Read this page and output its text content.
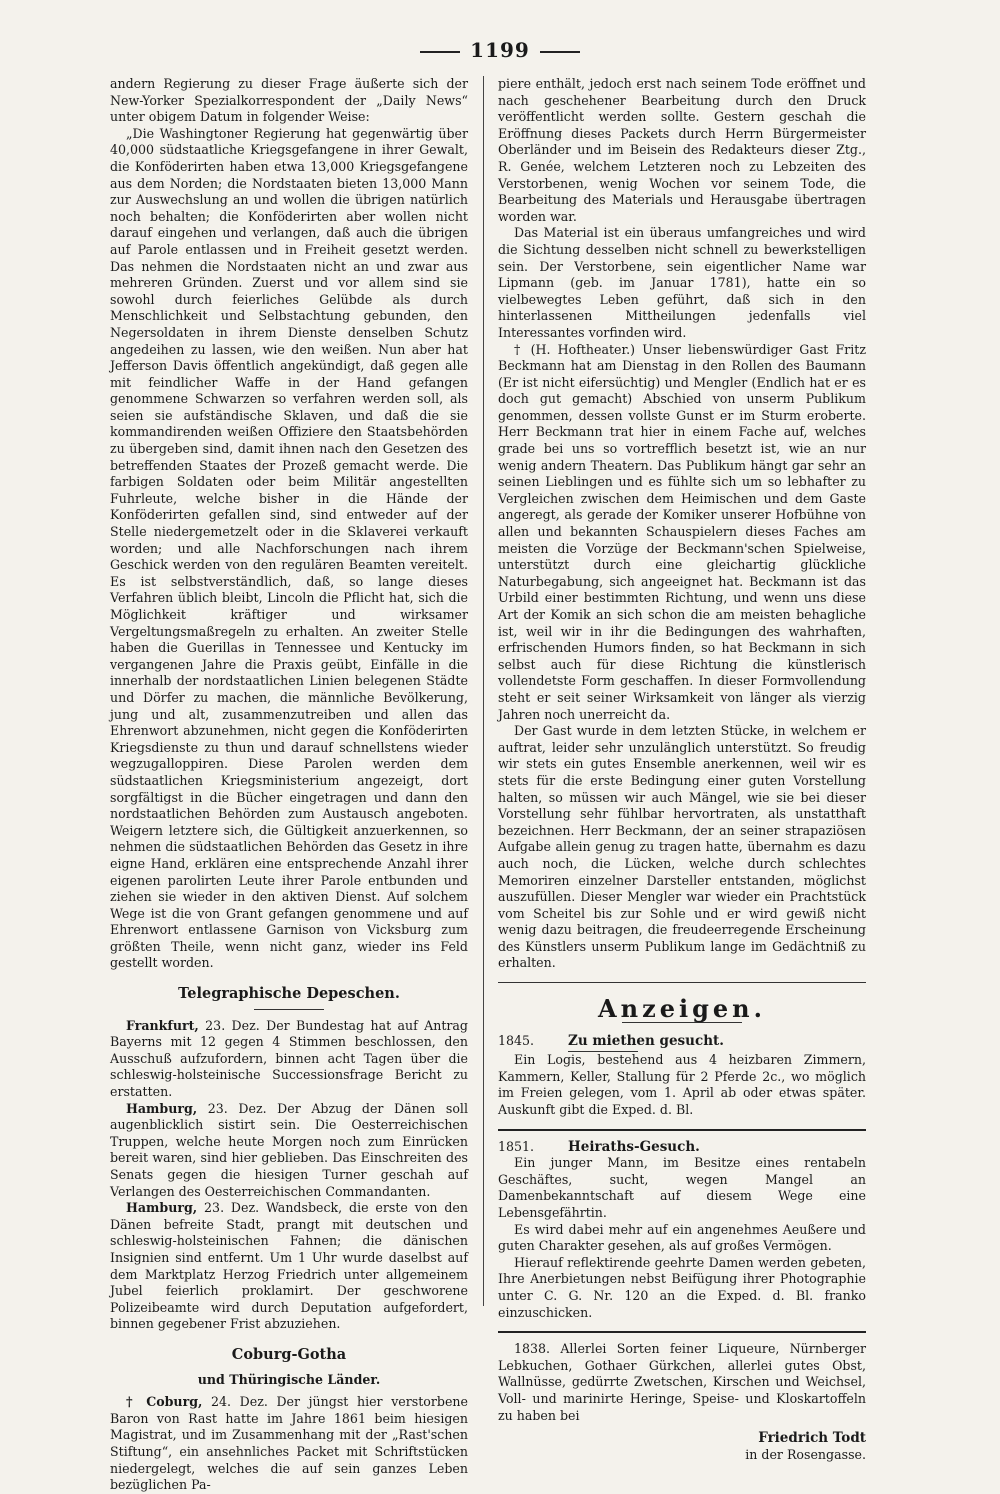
1199

andern Regierung zu dieser Frage äußerte sich der New-Yorker Spezialkorrespondent der „Daily News“ unter obigem Datum in folgender Weise:

„Die Washingtoner Regierung hat gegenwärtig über 40,000 südstaatliche Kriegsgefangene in ihrer Gewalt, die Konföderirten haben etwa 13,000 Kriegsgefangene aus dem Norden; die Nordstaaten bieten 13,000 Mann zur Auswechslung an und wollen die übrigen natürlich noch behalten; die Konföderirten aber wollen nicht darauf eingehen und verlangen, daß auch die übrigen auf Parole entlassen und in Freiheit gesetzt werden. Das nehmen die Nordstaaten nicht an und zwar aus mehreren Gründen. Zuerst und vor allem sind sie sowohl durch feierliches Gelübde als durch Menschlichkeit und Selbstachtung gebunden, den Negersoldaten in ihrem Dienste denselben Schutz angedeihen zu lassen, wie den weißen. Nun aber hat Jefferson Davis öffentlich angekündigt, daß gegen alle mit feindlicher Waffe in der Hand gefangen genommene Schwarzen so verfahren werden soll, als seien sie aufständische Sklaven, und daß die sie kommandirenden weißen Offiziere den Staatsbehörden zu übergeben sind, damit ihnen nach den Gesetzen des betreffenden Staates der Prozeß gemacht werde. Die farbigen Soldaten oder beim Militär angestellten Fuhrleute, welche bisher in die Hände der Konföderirten gefallen sind, sind entweder auf der Stelle niedergemetzelt oder in die Sklaverei verkauft worden; und alle Nachforschungen nach ihrem Geschick werden von den regulären Beamten vereitelt. Es ist selbstverständlich, daß, so lange dieses Verfahren üblich bleibt, Lincoln die Pflicht hat, sich die Möglichkeit kräftiger und wirksamer Vergeltungsmaßregeln zu erhalten. An zweiter Stelle haben die Guerillas in Tennessee und Kentucky im vergangenen Jahre die Praxis geübt, Einfälle in die innerhalb der nordstaatlichen Linien belegenen Städte und Dörfer zu machen, die männliche Bevölkerung, jung und alt, zusammenzutreiben und allen das Ehrenwort abzunehmen, nicht gegen die Konföderirten Kriegsdienste zu thun und darauf schnellstens wieder wegzugalloppiren. Diese Parolen werden dem südstaatlichen Kriegsministerium angezeigt, dort sorgfältigst in die Bücher eingetragen und dann den nordstaatlichen Behörden zum Austausch angeboten. Weigern letztere sich, die Gültigkeit anzuerkennen, so nehmen die südstaatlichen Behörden das Gesetz in ihre eigne Hand, erklären eine entsprechende Anzahl ihrer eigenen parolirten Leute ihrer Parole entbunden und ziehen sie wieder in den aktiven Dienst. Auf solchem Wege ist die von Grant gefangen genommene und auf Ehrenwort entlassene Garnison von Vicksburg zum größten Theile, wenn nicht ganz, wieder ins Feld gestellt worden.

Telegraphische Depeschen.

Frankfurt, 23. Dez. Der Bundestag hat auf Antrag Bayerns mit 12 gegen 4 Stimmen beschlossen, den Ausschuß aufzufordern, binnen acht Tagen über die schleswig-holsteinische Successionsfrage Bericht zu erstatten.

Hamburg, 23. Dez. Der Abzug der Dänen soll augenblicklich sistirt sein. Die Oesterreichischen Truppen, welche heute Morgen noch zum Einrücken bereit waren, sind hier geblieben. Das Einschreiten des Senats gegen die hiesigen Turner geschah auf Verlangen des Oesterreichischen Commandanten.

Hamburg, 23. Dez. Wandsbeck, die erste von den Dänen befreite Stadt, prangt mit deutschen und schleswig-holsteinischen Fahnen; die dänischen Insignien sind entfernt. Um 1 Uhr wurde daselbst auf dem Marktplatz Herzog Friedrich unter allgemeinem Jubel feierlich proklamirt. Der geschworene Polizeibeamte wird durch Deputation aufgefordert, binnen gegebener Frist abzuziehen.

Coburg-Gotha
und Thüringische Länder.

† Coburg, 24. Dez. Der jüngst hier verstorbene Baron von Rast hatte im Jahre 1861 beim hiesigen Magistrat, und im Zusammenhang mit der „Rast'schen Stiftung“, ein ansehnliches Packet mit Schriftstücken niedergelegt, welches die auf sein ganzes Leben bezüglichen Pa-

piere enthält, jedoch erst nach seinem Tode eröffnet und nach geschehener Bearbeitung durch den Druck veröffentlicht werden sollte. Gestern geschah die Eröffnung dieses Packets durch Herrn Bürgermeister Oberländer und im Beisein des Redakteurs dieser Ztg., R. Genée, welchem Letzteren noch zu Lebzeiten des Verstorbenen, wenig Wochen vor seinem Tode, die Bearbeitung des Materials und Herausgabe übertragen worden war.

Das Material ist ein überaus umfangreiches und wird die Sichtung desselben nicht schnell zu bewerkstelligen sein. Der Verstorbene, sein eigentlicher Name war Lipmann (geb. im Januar 1781), hatte ein so vielbewegtes Leben geführt, daß sich in den hinterlassenen Mittheilungen jedenfalls viel Interessantes vorfinden wird.

† (H. Hoftheater.) Unser liebenswürdiger Gast Fritz Beckmann hat am Dienstag in den Rollen des Baumann (Er ist nicht eifersüchtig) und Mengler (Endlich hat er es doch gut gemacht) Abschied von unserm Publikum genommen, dessen vollste Gunst er im Sturm eroberte. Herr Beckmann trat hier in einem Fache auf, welches grade bei uns so vortrefflich besetzt ist, wie an nur wenig andern Theatern. Das Publikum hängt gar sehr an seinen Lieblingen und es fühlte sich um so lebhafter zu Vergleichen zwischen dem Heimischen und dem Gaste angeregt, als gerade der Komiker unserer Hofbühne von allen und bekannten Schauspielern dieses Faches am meisten die Vorzüge der Beckmann'schen Spielweise, unterstützt durch eine gleichartig glückliche Naturbegabung, sich angeeignet hat. Beckmann ist das Urbild einer bestimmten Richtung, und wenn uns diese Art der Komik an sich schon die am meisten behagliche ist, weil wir in ihr die Bedingungen des wahrhaften, erfrischenden Humors finden, so hat Beckmann in sich selbst auch für diese Richtung die künstlerisch vollendetste Form geschaffen. In dieser Formvollendung steht er seit seiner Wirksamkeit von länger als vierzig Jahren noch unerreicht da.

Der Gast wurde in dem letzten Stücke, in welchem er auftrat, leider sehr unzulänglich unterstützt. So freudig wir stets ein gutes Ensemble anerkennen, weil wir es stets für die erste Bedingung einer guten Vorstellung halten, so müssen wir auch Mängel, wie sie bei dieser Vorstellung sehr fühlbar hervortraten, als unstatthaft bezeichnen. Herr Beckmann, der an seiner strapaziösen Aufgabe allein genug zu tragen hatte, übernahm es dazu auch noch, die Lücken, welche durch schlechtes Memoriren einzelner Darsteller entstanden, möglichst auszufüllen. Dieser Mengler war wieder ein Prachtstück vom Scheitel bis zur Sohle und er wird gewiß nicht wenig dazu beitragen, die freudeerregende Erscheinung des Künstlers unserm Publikum lange im Gedächtniß zu erhalten.

Anzeigen.
1845.	Zu miethen gesucht.

Ein Logis, bestehend aus 4 heizbaren Zimmern, Kammern, Keller, Stallung für 2 Pferde 2c., wo möglich im Freien gelegen, vom 1. April ab oder etwas später. Auskunft gibt die Exped. d. Bl.

1851.	Heiraths-Gesuch.

Ein junger Mann, im Besitze eines rentabeln Geschäftes, sucht, wegen Mangel an Damenbekanntschaft auf diesem Wege eine Lebensgefährtin.

Es wird dabei mehr auf ein angenehmes Aeußere und guten Charakter gesehen, als auf großes Vermögen.

Hierauf reflektirende geehrte Damen werden gebeten, Ihre Anerbietungen nebst Beifügung ihrer Photographie unter C. G. Nr. 120 an die Exped. d. Bl. franko einzuschicken.

1838. Allerlei Sorten feiner Liqueure, Nürnberger Lebkuchen, Gothaer Gürkchen, allerlei gutes Obst, Wallnüsse, gedürrte Zwetschen, Kirschen und Weichsel, Voll- und marinirte Heringe, Speise- und Kloskartoffeln zu haben bei

Friedrich Todt
in der Rosengasse.
